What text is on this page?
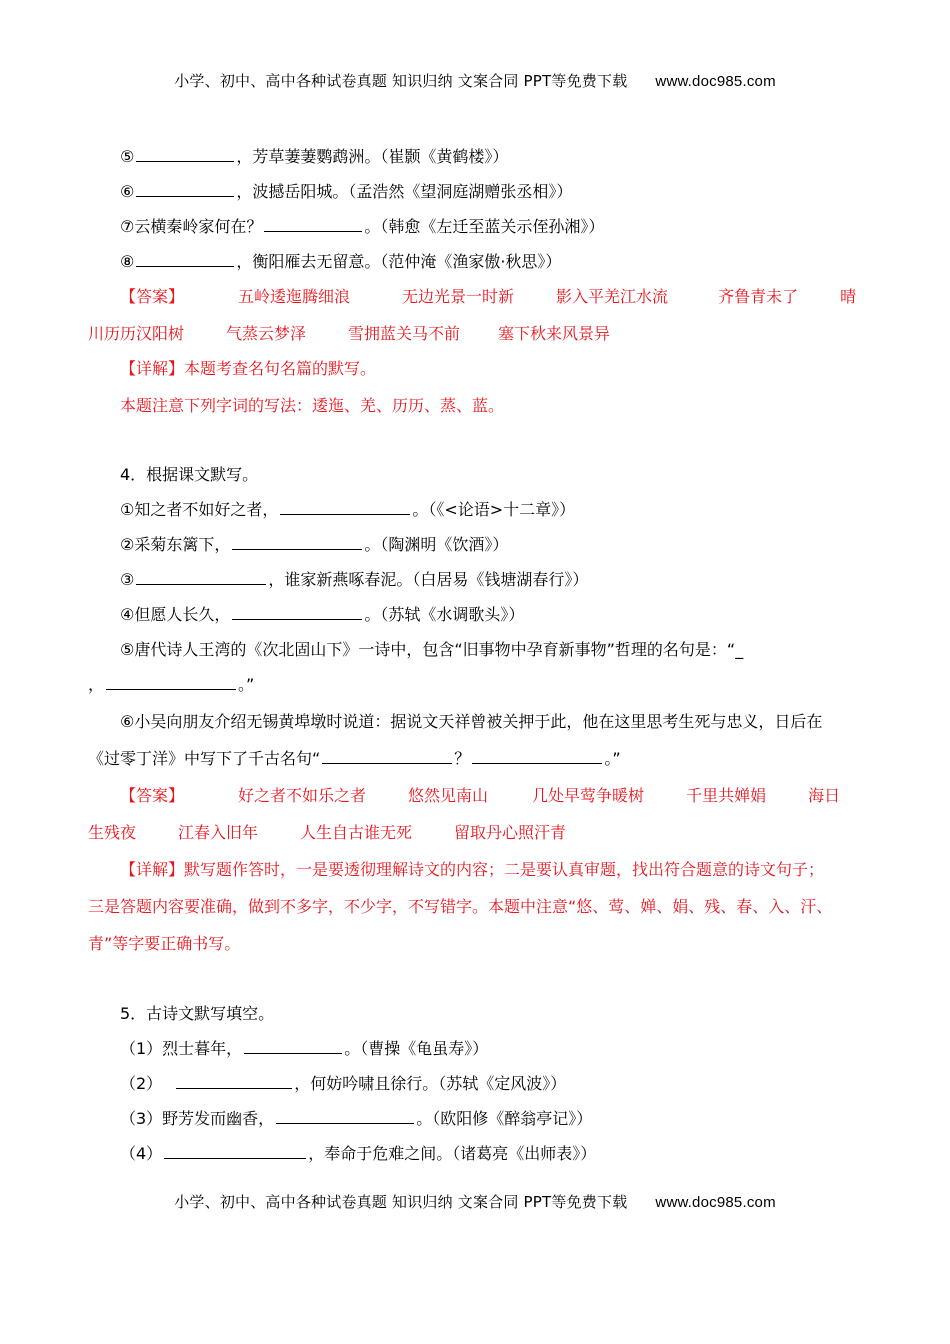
小学、初中、高中各种试卷真题 知识归纳 文案合同 PPT等免费下载 www.doc985.com
⑤	，芳草萋萋鹦鹉洲。（崔颢《黄鹤楼》）
⑥	，波撼岳阳城。（孟浩然《望洞庭湖赠张丞相》）
⑦云横秦岭家何在？	。（韩愈《左迁至蓝关示侄孙湘》）
⑧	，衡阳雁去无留意。（范仲淹《渔家傲·秋思》）
【答案】	五岭逶迤腾细浪	无边光景一时新	影入平羌江水流	齐鲁青未了	晴
川历历汉阳树	气蒸云梦泽	雪拥蓝关马不前 塞下秋来风景异
【详解】本题考查名句名篇的默写。
本题注意下列字词的写法：逶迤、羌、历历、蒸、蓝。
4．根据课文默写。
①知之者不如好之者，	。（《<论语>十二章》）
②采菊东篱下，	。（陶渊明《饮酒》）
③	，谁家新燕啄春泥。（白居易《钱塘湖春行》）
④但愿人长久，	。（苏轼《水调歌头》）
⑤唐代诗人王湾的《次北固山下》一诗中，包含“旧事物中孕育新事物”哲理的名句是：“_
，	。”
⑥小吴向朋友介绍无锡黄埠墩时说道：据说文天祥曾被关押于此，他在这里思考生死与忠义，日后在
《过零丁洋》中写下了千古名句“	？	。”
【答案】	好之者不如乐之者	悠然见南山	几处早莺争暖树	千里共婵娟	海日
生残夜	江春入旧年	人生自古谁无死	留取丹心照汗青
【详解】默写题作答时，一是要透彻理解诗文的内容；二是要认真审题，找出符合题意的诗文句子；
三是答题内容要准确，做到不多字，不少字，不写错字。本题中注意“悠、莺、婵、娟、残、春、入、汗、
青”等字要正确书写。
5．古诗文默写填空。
（1）烈士暮年，	。（曹操《龟虽寿》）
（2）	，何妨吟啸且徐行。（苏轼《定风波》）
（3）野芳发而幽香，	。（欧阳修《醉翁亭记》）
（4）	，奉命于危难之间。（诸葛亮《出师表》）
小学、初中、高中各种试卷真题 知识归纳 文案合同 PPT等免费下载 www.doc985.com
